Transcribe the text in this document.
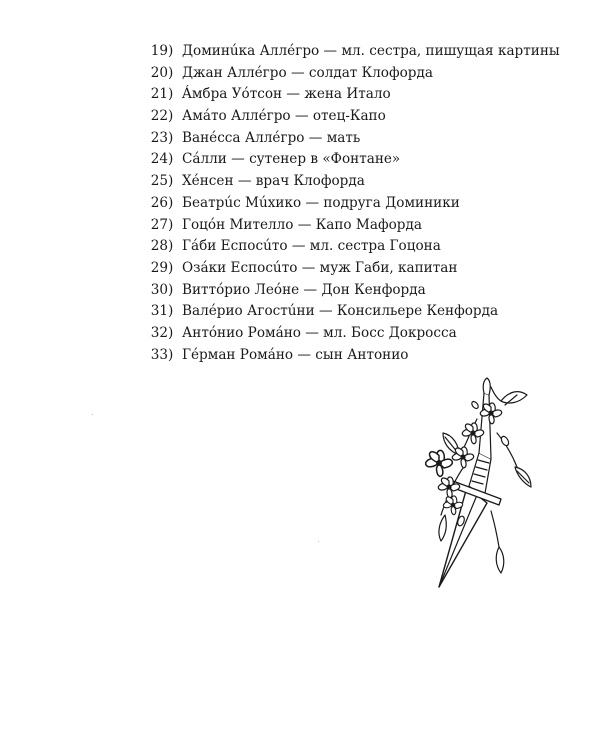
19 ) Доминúка Аллéгро — мл. сестра, пишущая картины
20 ) Джан Аллéгро — солдат Клофорда
21 ) Áмбра Уóтсон — жена Итало
22 ) Амáто Аллéгро — отец-Капо
23 ) Ванéсса Аллéгро — мать
24 ) Сáлли — сутенер в «Фонтане»
25 ) Хéнсен — врач Клофорда
26 ) Беатрúс Мúхико — подруга Доминики
27 ) Гоцóн Мителло — Капо Мафорда
28 ) Гáби Еспосúто — мл. сестра Гоцона
29 ) Озáки Еспосúто — муж Габи, капитан
30 ) Виттóрио Леóне — Дон Кенфорда
31 ) Валéрио Агостúни — Консильере Кенфорда
32 ) Антóнио Ромáно — мл. Босс Докросса
33 ) Гéрман Ромáно — сын Антонио
